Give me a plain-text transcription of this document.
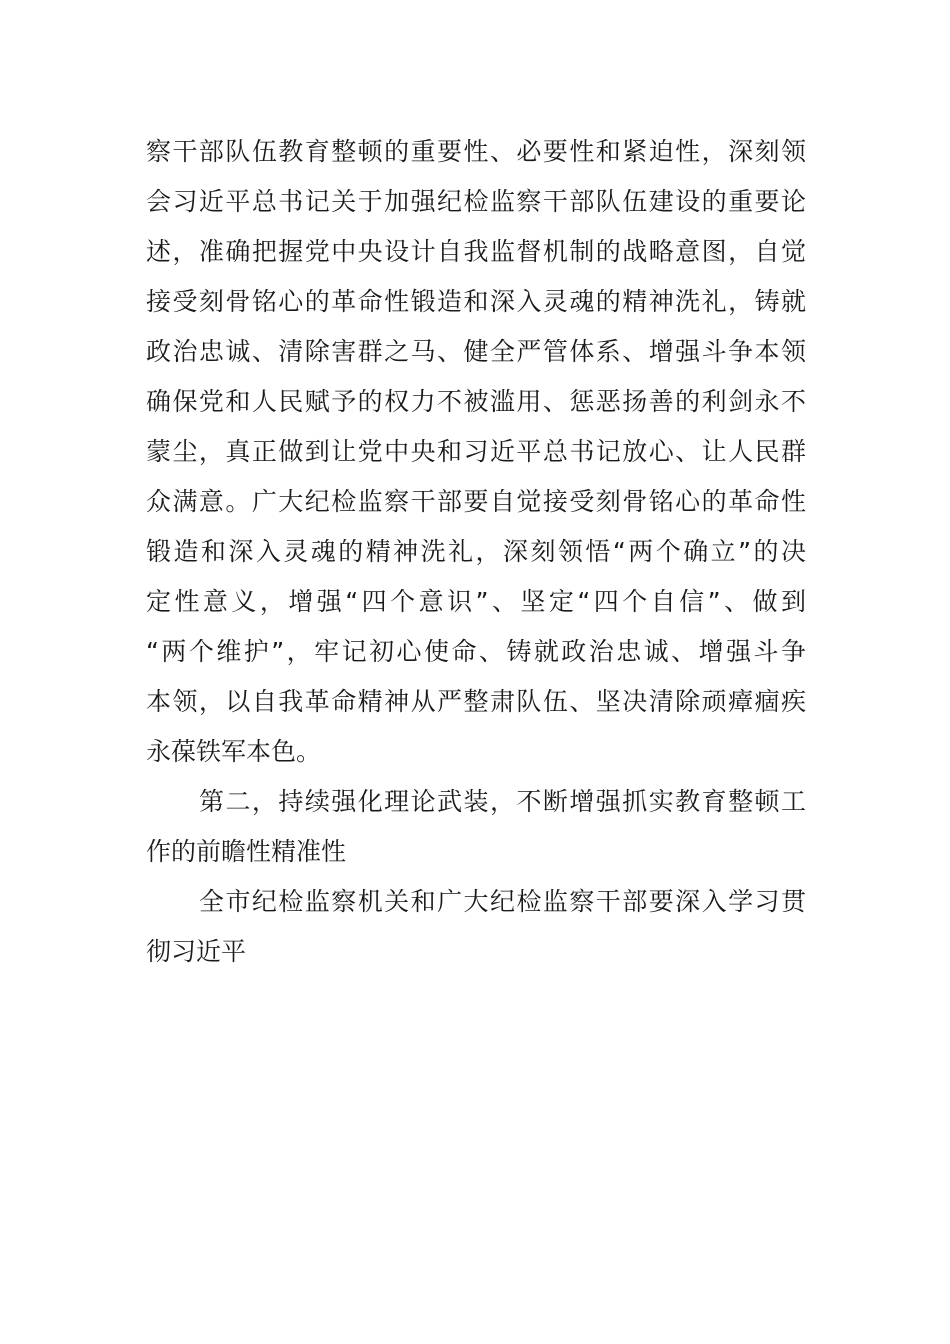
察干部队伍教育整顿的重要性、必要性和紧迫性，深刻领
会习近平总书记关于加强纪检监察干部队伍建设的重要论
述，准确把握党中央设计自我监督机制的战略意图，自觉
接受刻骨铭心的革命性锻造和深入灵魂的精神洗礼，铸就
政治忠诚、清除害群之马、健全严管体系、增强斗争本领
确保党和人民赋予的权力不被滥用、惩恶扬善的利剑永不
蒙尘，真正做到让党中央和习近平总书记放心、让人民群
众满意。广大纪检监察干部要自觉接受刻骨铭心的革命性
锻造和深入灵魂的精神洗礼，深刻领悟“两个确立”的决
定性意义，增强“四个意识”、坚定“四个自信”、做到
“两个维护”，牢记初心使命、铸就政治忠诚、增强斗争
本领，以自我革命精神从严整肃队伍、坚决清除顽瘴痼疾
永葆铁军本色。
第二，持续强化理论武装，不断增强抓实教育整顿工
作的前瞻性精准性
全市纪检监察机关和广大纪检监察干部要深入学习贯
彻习近平
